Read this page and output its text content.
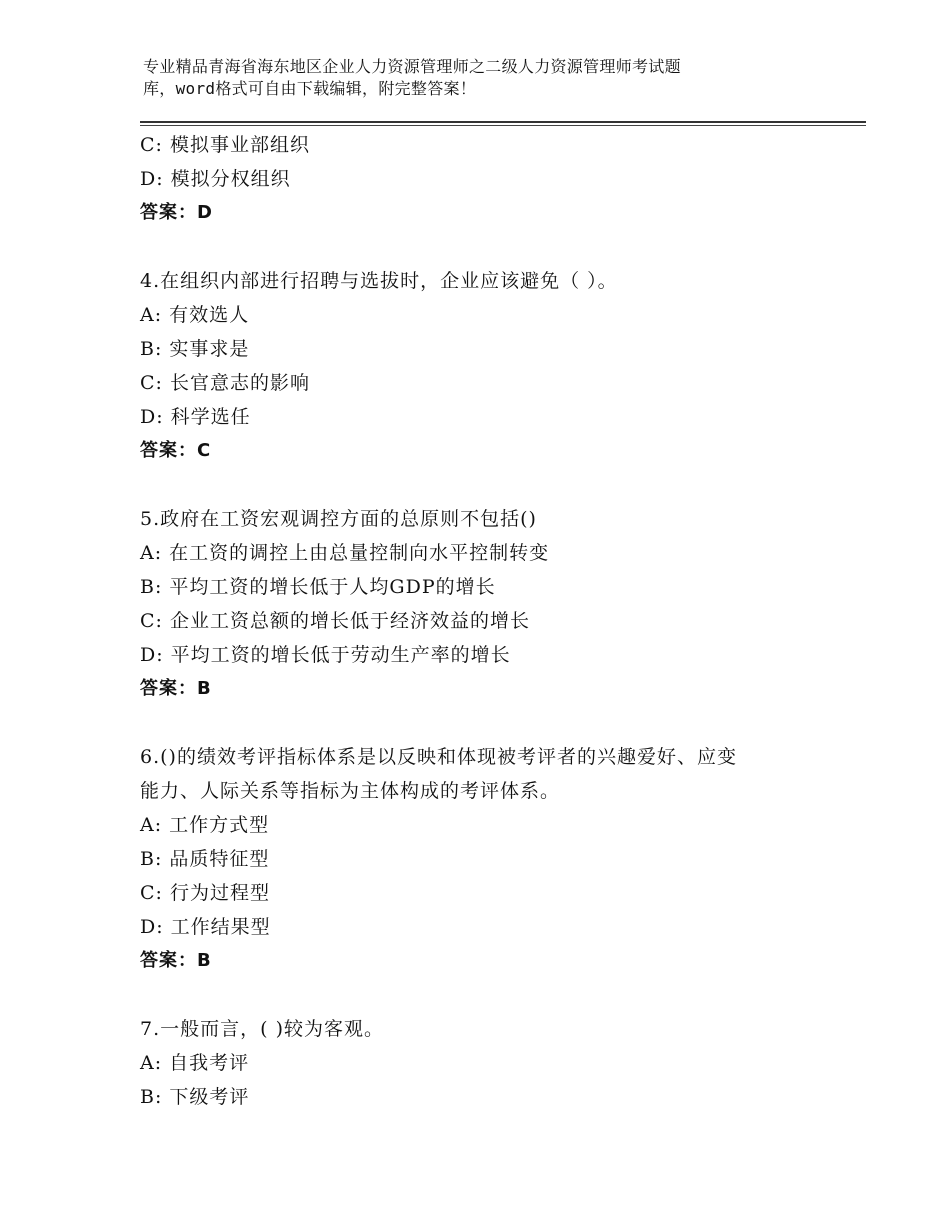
专业精品青海省海东地区企业人力资源管理师之二级人力资源管理师考试题
库，word格式可自由下载编辑，附完整答案！
C: 模拟事业部组织
D: 模拟分权组织
答案：D
4.在组织内部进行招聘与选拔时，企业应该避免（ ）。
A: 有效选人
B: 实事求是
C: 长官意志的影响
D: 科学选任
答案：C
5.政府在工资宏观调控方面的总原则不包括()
A: 在工资的调控上由总量控制向水平控制转变
B: 平均工资的增长低于人均GDP的增长
C: 企业工资总额的增长低于经济效益的增长
D: 平均工资的增长低于劳动生产率的增长
答案：B
6.()的绩效考评指标体系是以反映和体现被考评者的兴趣爱好、应变
能力、人际关系等指标为主体构成的考评体系。
A: 工作方式型
B: 品质特征型
C: 行为过程型
D: 工作结果型
答案：B
7.一般而言，( )较为客观。
A: 自我考评
B: 下级考评
